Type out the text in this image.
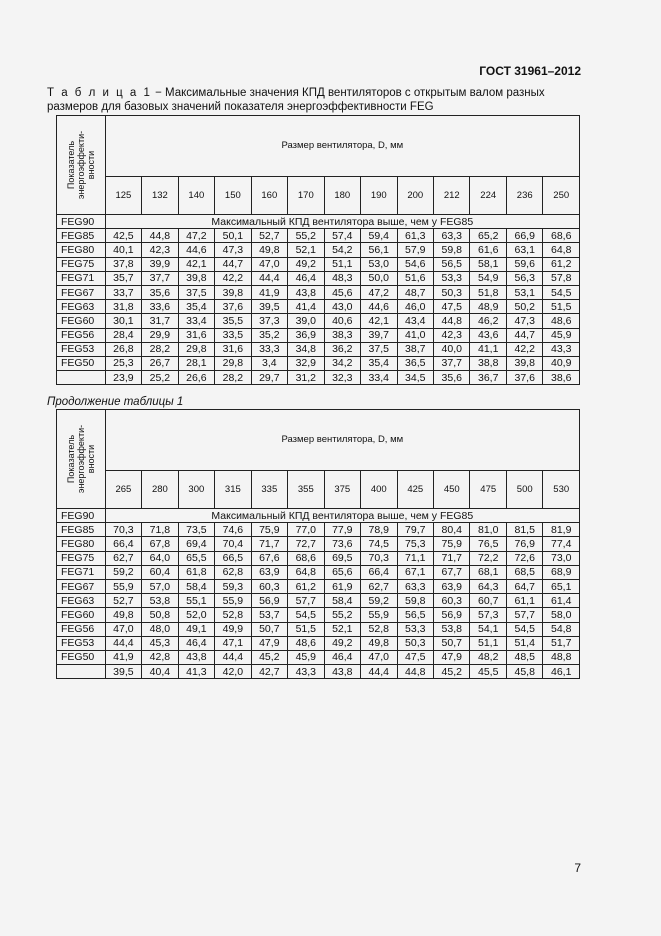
ГОСТ 31961–2012
Т а б л и ц а 1 − Максимальные значения КПД вентиляторов с открытым валом разных размеров для базовых значений показателя энергоэффективности FEG
Показатель энергоэффекти-вности	Размер вентилятора, D, мм												
	125	132	140	150	160	170	180	190	200	212	224	236	250
FEG90	Максимальный КПД вентилятора выше, чем у FEG85												
FEG85	42,5	44,8	47,2	50,1	52,7	55,2	57,4	59,4	61,3	63,3	65,2	66,9	68,6
FEG80	40,1	42,3	44,6	47,3	49,8	52,1	54,2	56,1	57,9	59,8	61,6	63,1	64,8
FEG75	37,8	39,9	42,1	44,7	47,0	49,2	51,1	53,0	54,6	56,5	58,1	59,6	61,2
FEG71	35,7	37,7	39,8	42,2	44,4	46,4	48,3	50,0	51,6	53,3	54,9	56,3	57,8
FEG67	33,7	35,6	37,5	39,8	41,9	43,8	45,6	47,2	48,7	50,3	51,8	53,1	54,5
FEG63	31,8	33,6	35,4	37,6	39,5	41,4	43,0	44,6	46,0	47,5	48,9	50,2	51,5
FEG60	30,1	31,7	33,4	35,5	37,3	39,0	40,6	42,1	43,4	44,8	46,2	47,3	48,6
FEG56	28,4	29,9	31,6	33,5	35,2	36,9	38,3	39,7	41,0	42,3	43,6	44,7	45,9
FEG53	26,8	28,2	29,8	31,6	33,3	34,8	36,2	37,5	38,7	40,0	41,1	42,2	43,3
FEG50	25,3	26,7	28,1	29,8	3,4	32,9	34,2	35,4	36,5	37,7	38,8	39,8	40,9
	23,9	25,2	26,6	28,2	29,7	31,2	32,3	33,4	34,5	35,6	36,7	37,6	38,6
Продолжение таблицы 1
Показатель энергоэффекти-вности	Размер вентилятора, D, мм												
	265	280	300	315	335	355	375	400	425	450	475	500	530
FEG90	Максимальный КПД вентилятора выше, чем у FEG85												
FEG85	70,3	71,8	73,5	74,6	75,9	77,0	77,9	78,9	79,7	80,4	81,0	81,5	81,9
FEG80	66,4	67,8	69,4	70,4	71,7	72,7	73,6	74,5	75,3	75,9	76,5	76,9	77,4
FEG75	62,7	64,0	65,5	66,5	67,6	68,6	69,5	70,3	71,1	71,7	72,2	72,6	73,0
FEG71	59,2	60,4	61,8	62,8	63,9	64,8	65,6	66,4	67,1	67,7	68,1	68,5	68,9
FEG67	55,9	57,0	58,4	59,3	60,3	61,2	61,9	62,7	63,3	63,9	64,3	64,7	65,1
FEG63	52,7	53,8	55,1	55,9	56,9	57,7	58,4	59,2	59,8	60,3	60,7	61,1	61,4
FEG60	49,8	50,8	52,0	52,8	53,7	54,5	55,2	55,9	56,5	56,9	57,3	57,7	58,0
FEG56	47,0	48,0	49,1	49,9	50,7	51,5	52,1	52,8	53,3	53,8	54,1	54,5	54,8
FEG53	44,4	45,3	46,4	47,1	47,9	48,6	49,2	49,8	50,3	50,7	51,1	51,4	51,7
FEG50	41,9	42,8	43,8	44,4	45,2	45,9	46,4	47,0	47,5	47,9	48,2	48,5	48,8
	39,5	40,4	41,3	42,0	42,7	43,3	43,8	44,4	44,8	45,2	45,5	45,8	46,1
7
